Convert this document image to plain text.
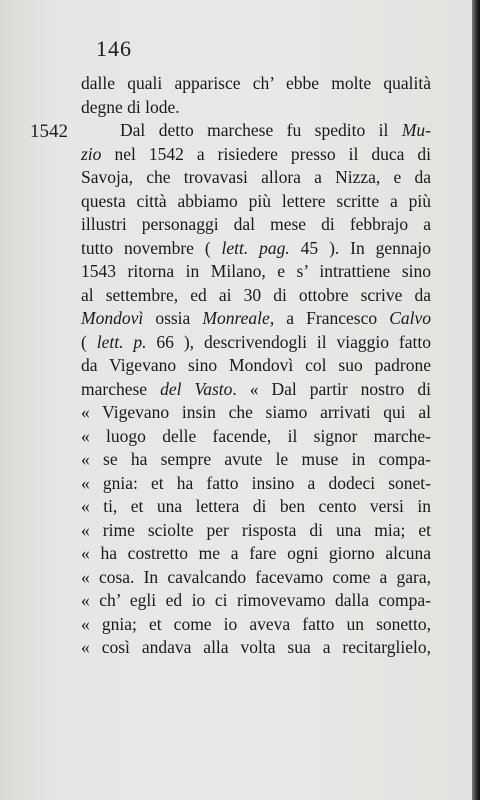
146
1542
dalle quali apparisce ch’ ebbe molte qualità
degne di lode.
Dal detto marchese fu spedito il Mu-
zio nel 1542 a risiedere presso il duca di
Savoja, che trovavasi allora a Nizza, e da
questa città abbiamo più lettere scritte a più
illustri personaggi dal mese di febbrajo a
tutto novembre ( lett. pag. 45 ). In gennajo
1543 ritorna in Milano, e s’ intrattiene sino
al settembre, ed ai 30 di ottobre scrive da
Mondovì ossia Monreale, a Francesco Calvo
( lett. p. 66 ), descrivendogli il viaggio fatto
da Vigevano sino Mondovì col suo padrone
marchese del Vasto. « Dal partir nostro di
« Vigevano insin che siamo arrivati qui al
« luogo delle facende, il signor marche-
« se ha sempre avute le muse in compa-
« gnia: et ha fatto insino a dodeci sonet-
« ti, et una lettera di ben cento versi in
« rime sciolte per risposta di una mia; et
« ha costretto me a fare ogni giorno alcuna
« cosa. In cavalcando facevamo come a gara,
« ch’ egli ed io ci rimovevamo dalla compa-
« gnia; et come io aveva fatto un sonetto,
« così andava alla volta sua a recitarglielo,
